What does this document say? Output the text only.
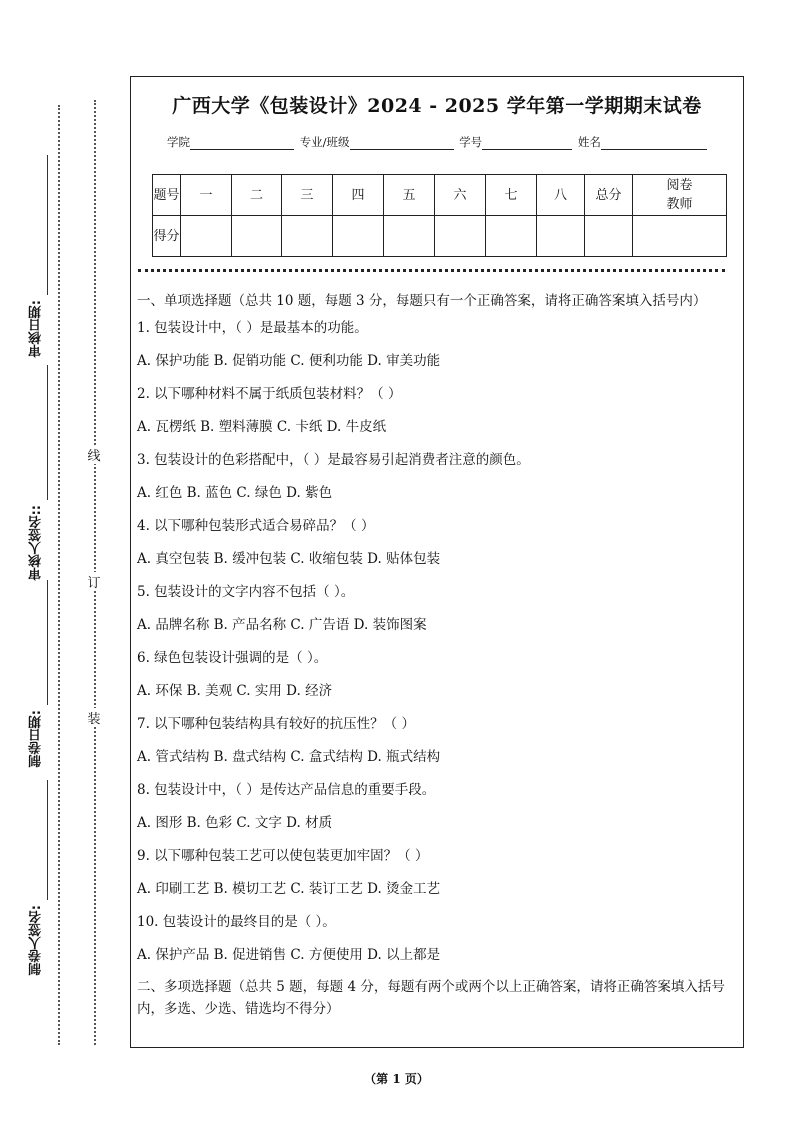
审核日期:
审核人签名::
制卷日期:
制卷人签名:
线
订
装
广西大学《包装设计》2024 - 2025 学年第一学期期末试卷
学院	专业/班级	学号	姓名
题号	一	二	三	四	五	六	七	八	总分	阅卷教师
得分										

一、单项选择题（总共 10 题，每题 3 分，每题只有一个正确答案，请将正确答案填入括号内）

1. 包装设计中，（ ）是最基本的功能。

A. 保护功能 B. 促销功能 C. 便利功能 D. 审美功能

2. 以下哪种材料不属于纸质包装材料？（ ）

A. 瓦楞纸 B. 塑料薄膜 C. 卡纸 D. 牛皮纸

3. 包装设计的色彩搭配中，（ ）是最容易引起消费者注意的颜色。

A. 红色 B. 蓝色 C. 绿色 D. 紫色

4. 以下哪种包装形式适合易碎品？（ ）

A. 真空包装 B. 缓冲包装 C. 收缩包装 D. 贴体包装

5. 包装设计的文字内容不包括（ ）。

A. 品牌名称 B. 产品名称 C. 广告语 D. 装饰图案

6. 绿色包装设计强调的是（ ）。

A. 环保 B. 美观 C. 实用 D. 经济

7. 以下哪种包装结构具有较好的抗压性？（ ）

A. 管式结构 B. 盘式结构 C. 盒式结构 D. 瓶式结构

8. 包装设计中，（ ）是传达产品信息的重要手段。

A. 图形 B. 色彩 C. 文字 D. 材质

9. 以下哪种包装工艺可以使包装更加牢固？（ ）

A. 印刷工艺 B. 模切工艺 C. 装订工艺 D. 烫金工艺

10. 包装设计的最终目的是（ ）。

A. 保护产品 B. 促进销售 C. 方便使用 D. 以上都是

二、多项选择题（总共 5 题，每题 4 分，每题有两个或两个以上正确答案，请将正确答案填入括号内，多选、少选、错选均不得分）

（第 1 页）
